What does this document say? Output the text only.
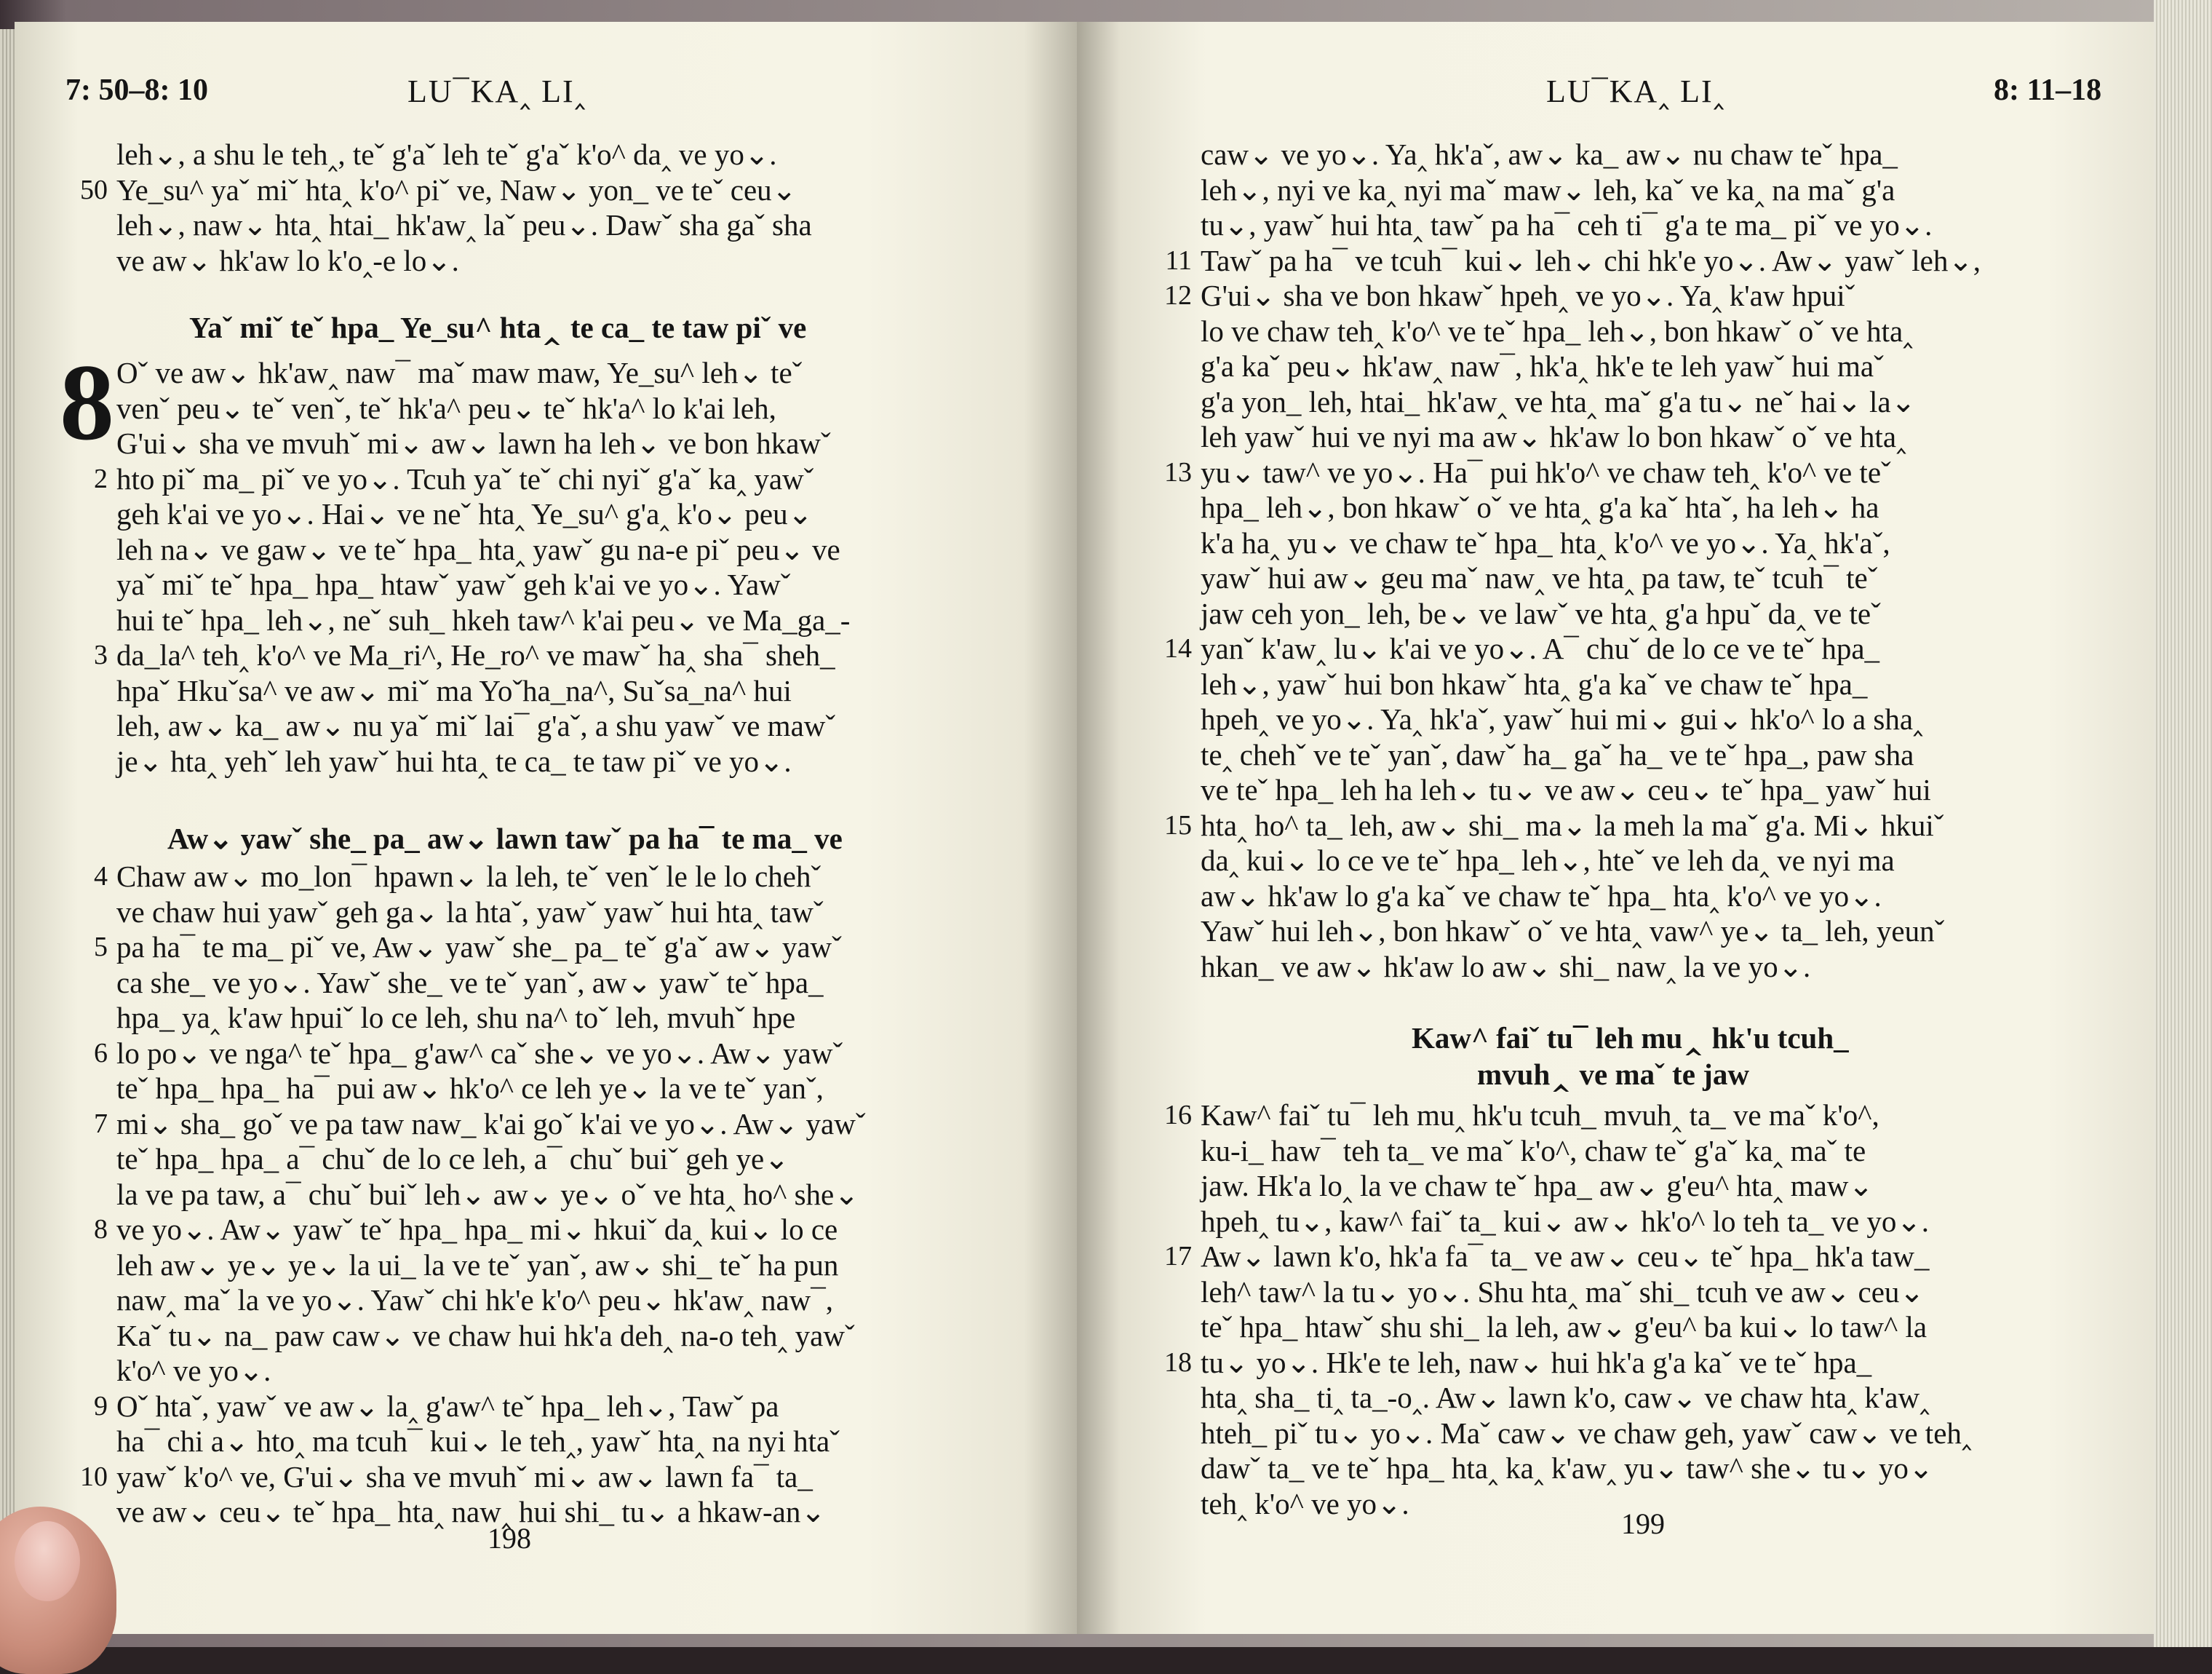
7: 50–8: 10	LU¯KA‸ LI‸
leh⌄, a shu le teh‸, teˇ g'aˇ leh teˇ g'aˇ k'o^ da‸ ve yo⌄.
50 Ye_su^ yaˇ miˇ hta‸ k'o^ piˇ ve, Naw⌄ yon_ ve teˇ ceu⌄
leh⌄, naw⌄ hta‸ htai_ hk'aw‸ laˇ peu⌄. Dawˇ sha gaˇ sha
ve aw⌄ hk'aw lo k'o‸-e lo⌄.
Yaˇ miˇ teˇ hpa_ Ye_su^ hta‸ te ca_ te taw piˇ ve
8 Oˇ ve aw⌄ hk'aw‸ naw¯ maˇ maw maw, Ye_su^ leh⌄ teˇ
venˇ peu⌄ teˇ venˇ, teˇ hk'a^ peu⌄ teˇ hk'a^ lo k'ai leh,
G'ui⌄ sha ve mvuhˇ mi⌄ aw⌄ lawn ha leh⌄ ve bon hkawˇ
2 hto piˇ ma_ piˇ ve yo⌄. Tcuh yaˇ teˇ chi nyiˇ g'aˇ ka‸ yawˇ
geh k'ai ve yo⌄. Hai⌄ ve neˇ hta‸ Ye_su^ g'a‸ k'o⌄ peu⌄
leh na⌄ ve gaw⌄ ve teˇ hpa_ hta‸ yawˇ gu na-e piˇ peu⌄ ve
yaˇ miˇ teˇ hpa_ hpa_ htawˇ yawˇ geh k'ai ve yo⌄. Yawˇ
hui teˇ hpa_ leh⌄, neˇ suh_ hkeh taw^ k'ai peu⌄ ve Ma_ga_-
3 da_la^ teh‸ k'o^ ve Ma_ri^, He_ro^ ve mawˇ ha‸ sha¯ sheh_
hpaˇ Hkuˇsa^ ve aw⌄ miˇ ma Yoˇha_na^, Suˇsa_na^ hui
leh, aw⌄ ka_ aw⌄ nu yaˇ miˇ lai¯ g'aˇ, a shu yawˇ ve mawˇ
je⌄ hta‸ yehˇ leh yawˇ hui hta‸ te ca_ te taw piˇ ve yo⌄.
Aw⌄ yawˇ she_ pa_ aw⌄ lawn tawˇ pa ha¯ te ma_ ve
4 Chaw aw⌄ mo_lon¯ hpawn⌄ la leh, teˇ venˇ le le lo chehˇ
ve chaw hui yawˇ geh ga⌄ la htaˇ, yawˇ yawˇ hui hta‸ tawˇ
5 pa ha¯ te ma_ piˇ ve, Aw⌄ yawˇ she_ pa_ teˇ g'aˇ aw⌄ yawˇ
ca she_ ve yo⌄. Yawˇ she_ ve teˇ yanˇ, aw⌄ yawˇ teˇ hpa_
hpa_ ya‸ k'aw hpuiˇ lo ce leh, shu na^ toˇ leh, mvuhˇ hpe
6 lo po⌄ ve nga^ teˇ hpa_ g'aw^ caˇ she⌄ ve yo⌄. Aw⌄ yawˇ
teˇ hpa_ hpa_ ha¯ pui aw⌄ hk'o^ ce leh ye⌄ la ve teˇ yanˇ,
7 mi⌄ sha_ goˇ ve pa taw naw_ k'ai goˇ k'ai ve yo⌄. Aw⌄ yawˇ
teˇ hpa_ hpa_ a¯ chuˇ de lo ce leh, a¯ chuˇ buiˇ geh ye⌄
la ve pa taw, a¯ chuˇ buiˇ leh⌄ aw⌄ ye⌄ oˇ ve hta‸ ho^ she⌄
8 ve yo⌄. Aw⌄ yawˇ teˇ hpa_ hpa_ mi⌄ hkuiˇ da‸ kui⌄ lo ce
leh aw⌄ ye⌄ ye⌄ la ui_ la ve teˇ yanˇ, aw⌄ shi_ teˇ ha pun
naw‸ maˇ la ve yo⌄. Yawˇ chi hk'e k'o^ peu⌄ hk'aw‸ naw¯,
Kaˇ tu⌄ na_ paw caw⌄ ve chaw hui hk'a deh‸ na-o teh‸ yawˇ
k'o^ ve yo⌄.
9 Oˇ htaˇ, yawˇ ve aw⌄ la‸ g'aw^ teˇ hpa_ leh⌄, Tawˇ pa
ha¯ chi a⌄ hto‸ ma tcuh¯ kui⌄ le teh‸, yawˇ hta‸ na nyi htaˇ
10 yawˇ k'o^ ve, G'ui⌄ sha ve mvuhˇ mi⌄ aw⌄ lawn fa¯ ta_
ve aw⌄ ceu⌄ teˇ hpa_ hta‸ naw‸ hui shi_ tu⌄ a hkaw-an⌄
198
LU¯KA‸ LI‸	8: 11–18
caw⌄ ve yo⌄. Ya‸ hk'aˇ, aw⌄ ka_ aw⌄ nu chaw teˇ hpa_
leh⌄, nyi ve ka‸ nyi maˇ maw⌄ leh, kaˇ ve ka‸ na maˇ g'a
tu⌄, yawˇ hui hta‸ tawˇ pa ha¯ ceh ti¯ g'a te ma_ piˇ ve yo⌄.
11 Tawˇ pa ha¯ ve tcuh¯ kui⌄ leh⌄ chi hk'e yo⌄. Aw⌄ yawˇ leh⌄,
12 G'ui⌄ sha ve bon hkawˇ hpeh‸ ve yo⌄. Ya‸ k'aw hpuiˇ
lo ve chaw teh‸ k'o^ ve teˇ hpa_ leh⌄, bon hkawˇ oˇ ve hta‸
g'a kaˇ peu⌄ hk'aw‸ naw¯, hk'a‸ hk'e te leh yawˇ hui maˇ
g'a yon_ leh, htai_ hk'aw‸ ve hta‸ maˇ g'a tu⌄ neˇ hai⌄ la⌄
leh yawˇ hui ve nyi ma aw⌄ hk'aw lo bon hkawˇ oˇ ve hta‸
13 yu⌄ taw^ ve yo⌄. Ha¯ pui hk'o^ ve chaw teh‸ k'o^ ve teˇ
hpa_ leh⌄, bon hkawˇ oˇ ve hta‸ g'a kaˇ htaˇ, ha leh⌄ ha
k'a ha‸ yu⌄ ve chaw teˇ hpa_ hta‸ k'o^ ve yo⌄. Ya‸ hk'aˇ,
yawˇ hui aw⌄ geu maˇ naw‸ ve hta‸ pa taw, teˇ tcuh¯ teˇ
jaw ceh yon_ leh, be⌄ ve lawˇ ve hta‸ g'a hpuˇ da‸ ve teˇ
14 yanˇ k'aw‸ lu⌄ k'ai ve yo⌄. A¯ chuˇ de lo ce ve teˇ hpa_
leh⌄, yawˇ hui bon hkawˇ hta‸ g'a kaˇ ve chaw teˇ hpa_
hpeh‸ ve yo⌄. Ya‸ hk'aˇ, yawˇ hui mi⌄ gui⌄ hk'o^ lo a sha‸
te‸ chehˇ ve teˇ yanˇ, dawˇ ha_ gaˇ ha_ ve teˇ hpa_, paw sha
ve teˇ hpa_ leh ha leh⌄ tu⌄ ve aw⌄ ceu⌄ teˇ hpa_ yawˇ hui
15 hta‸ ho^ ta_ leh, aw⌄ shi_ ma⌄ la meh la maˇ g'a. Mi⌄ hkuiˇ
da‸ kui⌄ lo ce ve teˇ hpa_ leh⌄, hteˇ ve leh da‸ ve nyi ma
aw⌄ hk'aw lo g'a kaˇ ve chaw teˇ hpa_ hta‸ k'o^ ve yo⌄.
Yawˇ hui leh⌄, bon hkawˇ oˇ ve hta‸ vaw^ ye⌄ ta_ leh, yeunˇ
hkan_ ve aw⌄ hk'aw lo aw⌄ shi_ naw‸ la ve yo⌄.
Kaw^ faiˇ tu¯ leh mu‸ hk'u tcuh_
mvuh‸ ve maˇ te jaw
16 Kaw^ faiˇ tu¯ leh mu‸ hk'u tcuh_ mvuh‸ ta_ ve maˇ k'o^,
ku-i_ haw¯ teh ta_ ve maˇ k'o^, chaw teˇ g'aˇ ka‸ maˇ te
jaw. Hk'a lo‸ la ve chaw teˇ hpa_ aw⌄ g'eu^ hta‸ maw⌄
hpeh‸ tu⌄, kaw^ faiˇ ta_ kui⌄ aw⌄ hk'o^ lo teh ta_ ve yo⌄.
17 Aw⌄ lawn k'o, hk'a fa¯ ta_ ve aw⌄ ceu⌄ teˇ hpa_ hk'a taw_
leh^ taw^ la tu⌄ yo⌄. Shu hta‸ maˇ shi_ tcuh ve aw⌄ ceu⌄
teˇ hpa_ htawˇ shu shi_ la leh, aw⌄ g'eu^ ba kui⌄ lo taw^ la
18 tu⌄ yo⌄. Hk'e te leh, naw⌄ hui hk'a g'a kaˇ ve teˇ hpa_
hta‸ sha_ ti‸ ta_-o‸. Aw⌄ lawn k'o, caw⌄ ve chaw hta‸ k'aw‸
hteh_ piˇ tu⌄ yo⌄. Maˇ caw⌄ ve chaw geh, yawˇ caw⌄ ve teh‸
dawˇ ta_ ve teˇ hpa_ hta‸ ka‸ k'aw‸ yu⌄ taw^ she⌄ tu⌄ yo⌄
teh‸ k'o^ ve yo⌄.
199
